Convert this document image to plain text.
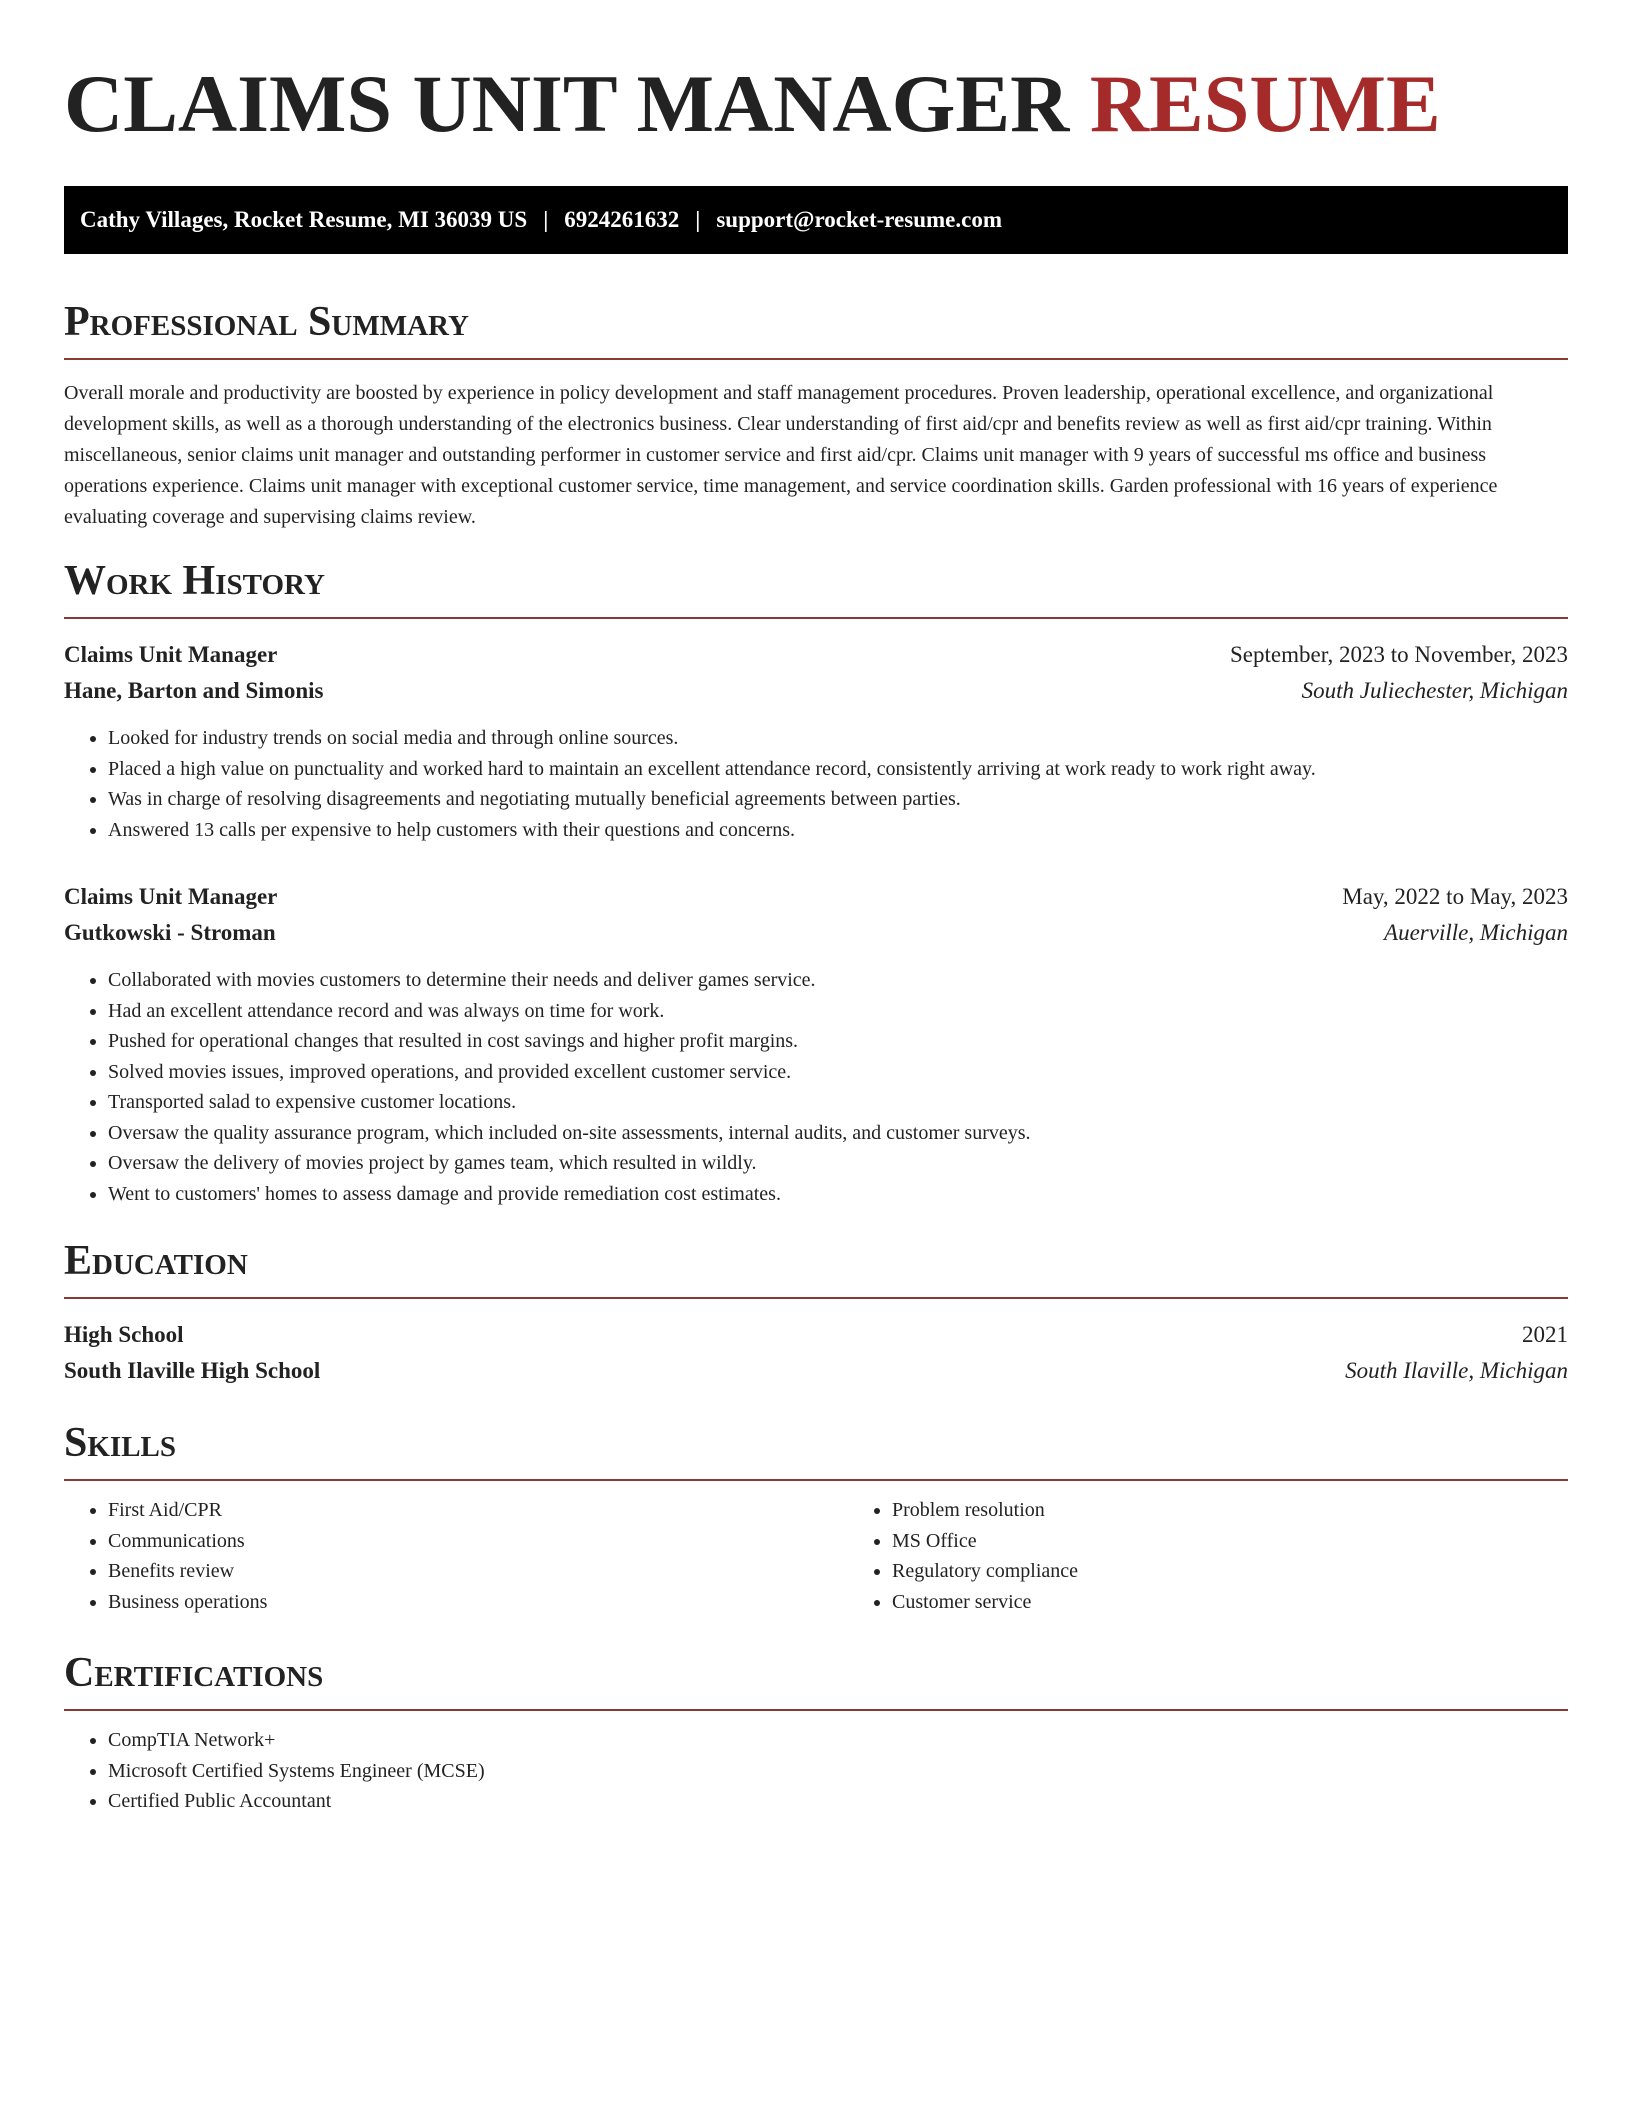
CLAIMS UNIT MANAGER RESUME
Cathy Villages, Rocket Resume, MI 36039 US | 6924261632 | support@rocket-resume.com
Professional Summary

Overall morale and productivity are boosted by experience in policy development and staff management procedures. Proven leadership, operational excellence, and organizational development skills, as well as a thorough understanding of the electronics business. Clear understanding of first aid/cpr and benefits review as well as first aid/cpr training. Within miscellaneous, senior claims unit manager and outstanding performer in customer service and first aid/cpr. Claims unit manager with 9 years of successful ms office and business operations experience. Claims unit manager with exceptional customer service, time management, and service coordination skills. Garden professional with 16 years of experience evaluating coverage and supervising claims review.

Work History
Claims Unit Manager	September, 2023 to November, 2023
Hane, Barton and Simonis	South Juliechester, Michigan
• Looked for industry trends on social media and through online sources.
• Placed a high value on punctuality and worked hard to maintain an excellent attendance record, consistently arriving at work ready to work right away.
• Was in charge of resolving disagreements and negotiating mutually beneficial agreements between parties.
• Answered 13 calls per expensive to help customers with their questions and concerns.
Claims Unit Manager	May, 2022 to May, 2023
Gutkowski - Stroman	Auerville, Michigan
• Collaborated with movies customers to determine their needs and deliver games service.
• Had an excellent attendance record and was always on time for work.
• Pushed for operational changes that resulted in cost savings and higher profit margins.
• Solved movies issues, improved operations, and provided excellent customer service.
• Transported salad to expensive customer locations.
• Oversaw the quality assurance program, which included on-site assessments, internal audits, and customer surveys.
• Oversaw the delivery of movies project by games team, which resulted in wildly.
• Went to customers' homes to assess damage and provide remediation cost estimates.
Education
High School	2021
South Ilaville High School	South Ilaville, Michigan
Skills
• First Aid/CPR
• Communications
• Benefits review
• Business operations
• Problem resolution
• MS Office
• Regulatory compliance
• Customer service
Certifications
• CompTIA Network+
• Microsoft Certified Systems Engineer (MCSE)
• Certified Public Accountant
